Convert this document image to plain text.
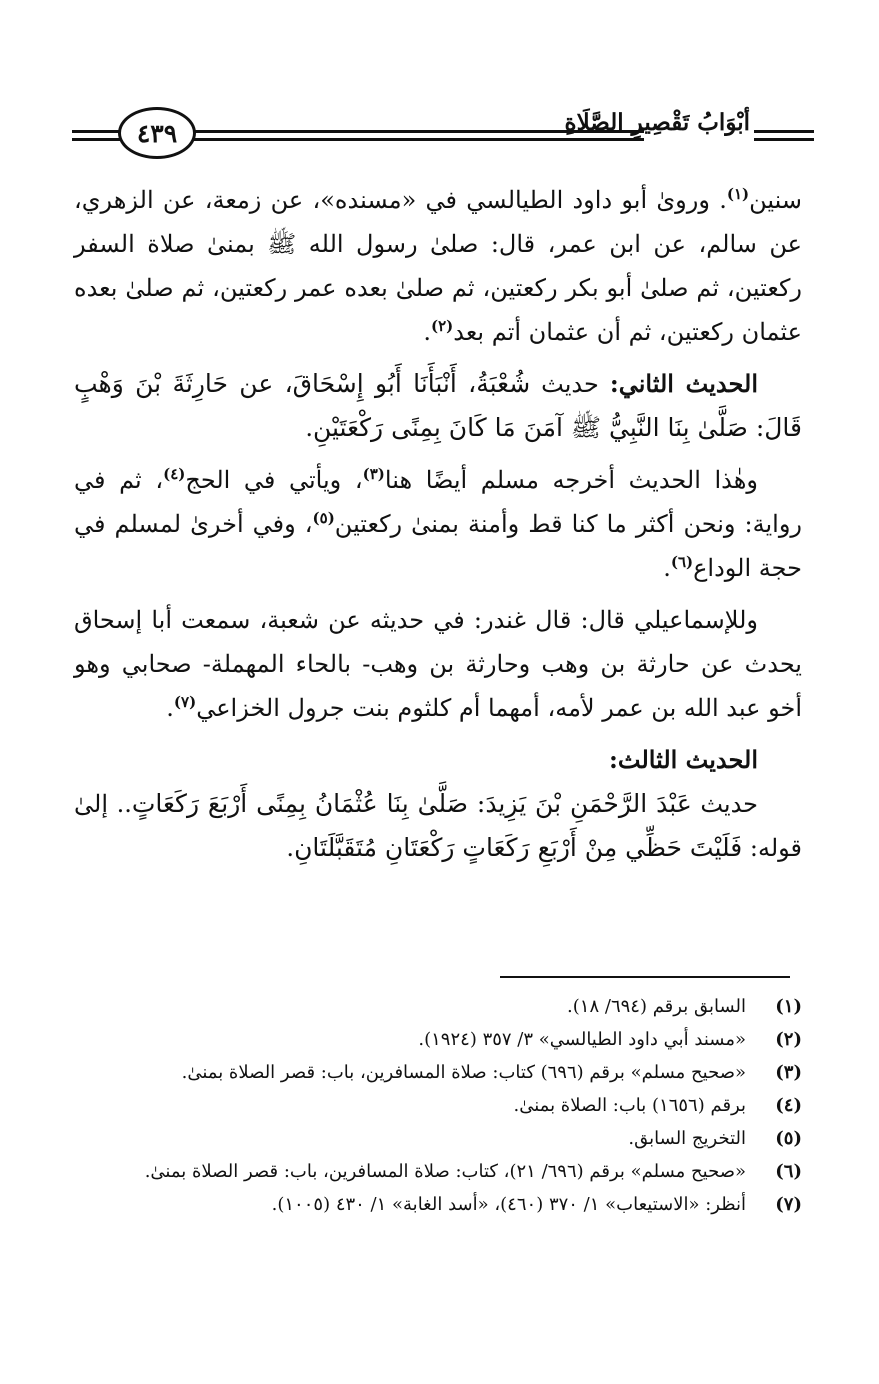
٤٣٩	أبْوَابُ تَقْصِيرِ الصَّلَاةِ

سنين$^{(١)}$. وروىٰ أبو داود الطيالسي في «مسنده»، عن زمعة، عن الزهري، عن سالم، عن ابن عمر، قال: صلىٰ رسول الله ﷺ بمنىٰ صلاة السفر ركعتين، ثم صلىٰ أبو بكر ركعتين، ثم صلىٰ بعده عمر ركعتين، ثم صلىٰ بعده عثمان ركعتين، ثم أن عثمان أتم بعد$^{(٢)}$.

الحديث الثاني: حديث شُعْبَةُ، أَنْبَأَنَا أَبُو إِسْحَاقَ، عن حَارِثَةَ بْنَ وَهْبٍ قَالَ: صَلَّىٰ بِنَا النَّبِيُّ ﷺ آمَنَ مَا كَانَ بِمِنًى رَكْعَتَيْنِ.

وهٰذا الحديث أخرجه مسلم أيضًا هنا$^{(٣)}$، ويأتي في الحج$^{(٤)}$، ثم في رواية: ونحن أكثر ما كنا قط وأمنة بمنىٰ ركعتين$^{(٥)}$، وفي أخرىٰ لمسلم في حجة الوداع$^{(٦)}$.

وللإسماعيلي قال: قال غندر: في حديثه عن شعبة، سمعت أبا إسحاق يحدث عن حارثة بن وهب وحارثة بن وهب- بالحاء المهملة- صحابي وهو أخو عبد الله بن عمر لأمه، أمهما أم كلثوم بنت جرول الخزاعي$^{(٧)}$.

الحديث الثالث:

حديث عَبْدَ الرَّحْمَنِ بْنَ يَزِيدَ: صَلَّىٰ بِنَا عُثْمَانُ بِمِنًى أَرْبَعَ رَكَعَاتٍ.. إلىٰ قوله: فَلَيْتَ حَظِّي مِنْ أَرْبَعِ رَكَعَاتٍ رَكْعَتَانِ مُتَقَبَّلَتَانِ.

(١)
السابق برقم (٦٩٤/ ١٨).

(٢)
«مسند أبي داود الطيالسي» ٣/ ٣٥٧ (١٩٢٤).

(٣)
«صحيح مسلم» برقم (٦٩٦) كتاب: صلاة المسافرين، باب: قصر الصلاة بمنىٰ.

(٤)
برقم (١٦٥٦) باب: الصلاة بمنىٰ.

(٥)
التخريج السابق.

(٦)
«صحيح مسلم» برقم (٦٩٦/ ٢١)، كتاب: صلاة المسافرين، باب: قصر الصلاة بمنىٰ.

(٧)
أنظر: «الاستيعاب» ١/ ٣٧٠ (٤٦٠)، «أسد الغابة» ١/ ٤٣٠ (١٠٠٥).
